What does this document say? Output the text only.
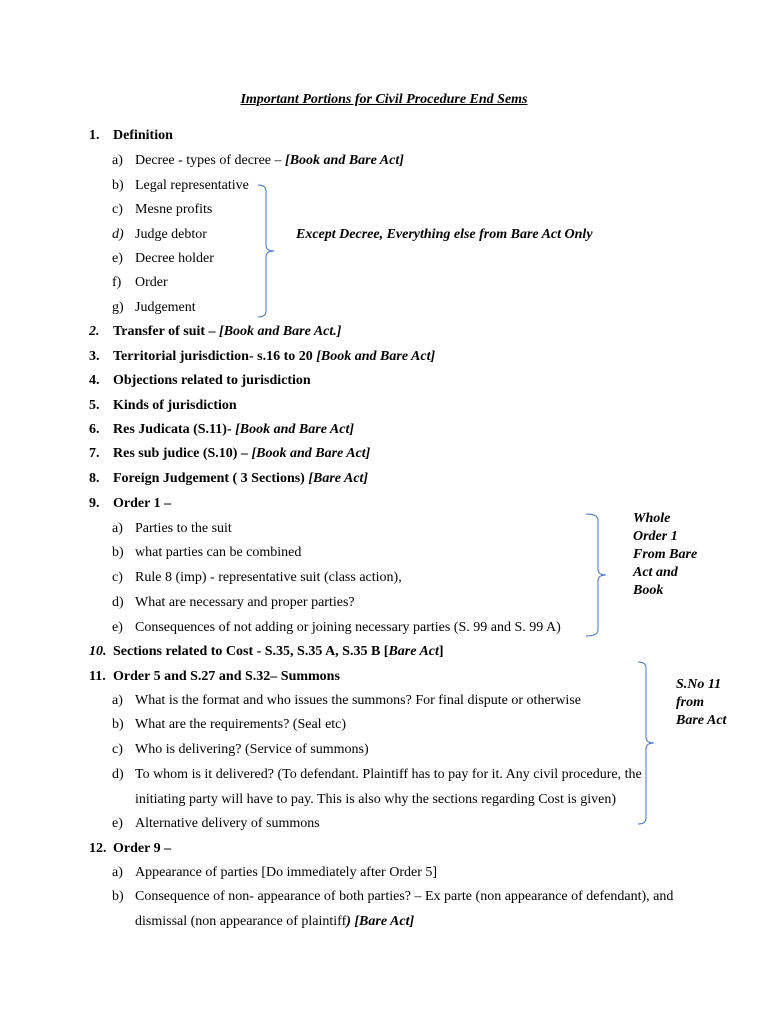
Important Portions for Civil Procedure End Sems
1. Definition
a) Decree - types of decree – [Book and Bare Act]
b) Legal representative
c) Mesne profits
d) Judge debtor
e) Decree holder
f) Order
g) Judgement
Except Decree, Everything else from Bare Act Only
2. Transfer of suit – [Book and Bare Act.]
3. Territorial jurisdiction- s.16 to 20 [Book and Bare Act]
4. Objections related to jurisdiction
5. Kinds of jurisdiction
6. Res Judicata (S.11)- [Book and Bare Act]
7. Res sub judice (S.10) – [Book and Bare Act]
8. Foreign Judgement ( 3 Sections) [Bare Act]
9. Order 1 –
a) Parties to the suit
b) what parties can be combined
c) Rule 8 (imp) - representative suit (class action),
d) What are necessary and proper parties?
e) Consequences of not adding or joining necessary parties (S. 99 and S. 99 A)
Whole
Order 1
From Bare
Act and
Book
10. Sections related to Cost - S.35, S.35 A, S.35 B [Bare Act]
11. Order 5 and S.27 and S.32– Summons
a) What is the format and who issues the summons? For final dispute or otherwise
b) What are the requirements? (Seal etc)
c) Who is delivering? (Service of summons)
d) To whom is it delivered? (To defendant. Plaintiff has to pay for it. Any civil procedure, the
initiating party will have to pay. This is also why the sections regarding Cost is given)
e) Alternative delivery of summons
S.No 11
from
Bare Act
12. Order 9 –
a) Appearance of parties [Do immediately after Order 5]
b) Consequence of non- appearance of both parties? – Ex parte (non appearance of defendant), and
dismissal (non appearance of plaintiff) [Bare Act]
